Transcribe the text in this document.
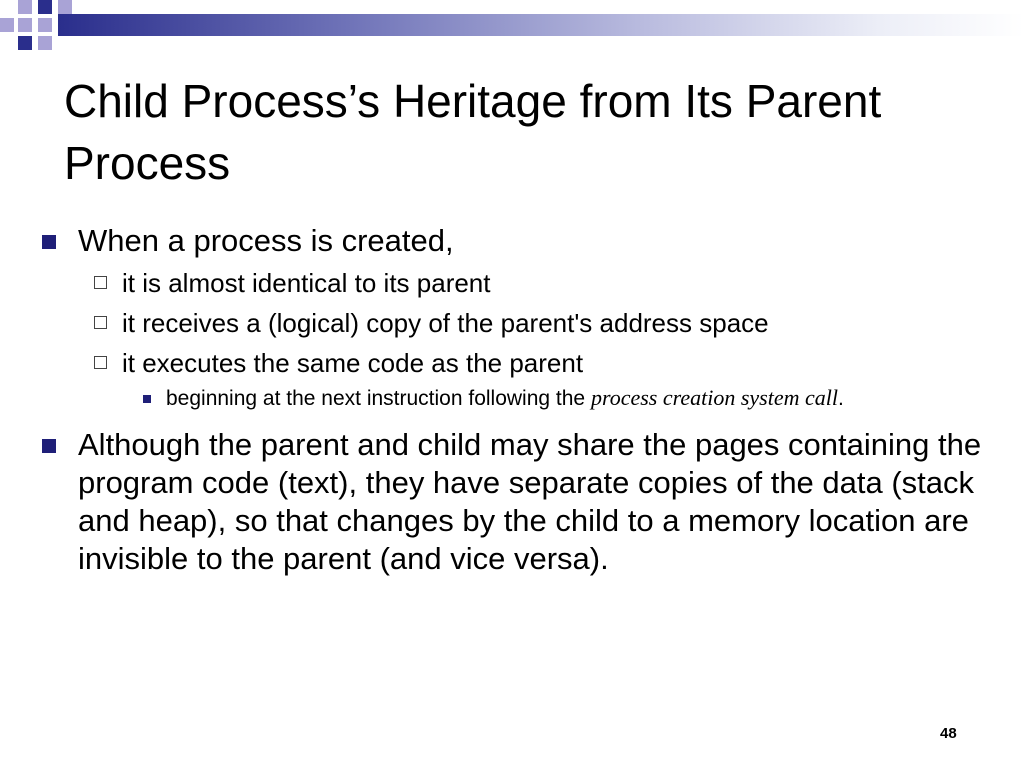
Child Process’s Heritage from Its Parent Process
When a process is created,
it is almost identical to its parent
it receives a (logical) copy of the parent's address space
it executes the same code as the parent
beginning at the next instruction following the process creation system call.
Although the parent and child may share the pages containing the program code (text), they have separate copies of the data (stack and heap), so that changes by the child to a memory location are invisible to the parent (and vice versa).
48
